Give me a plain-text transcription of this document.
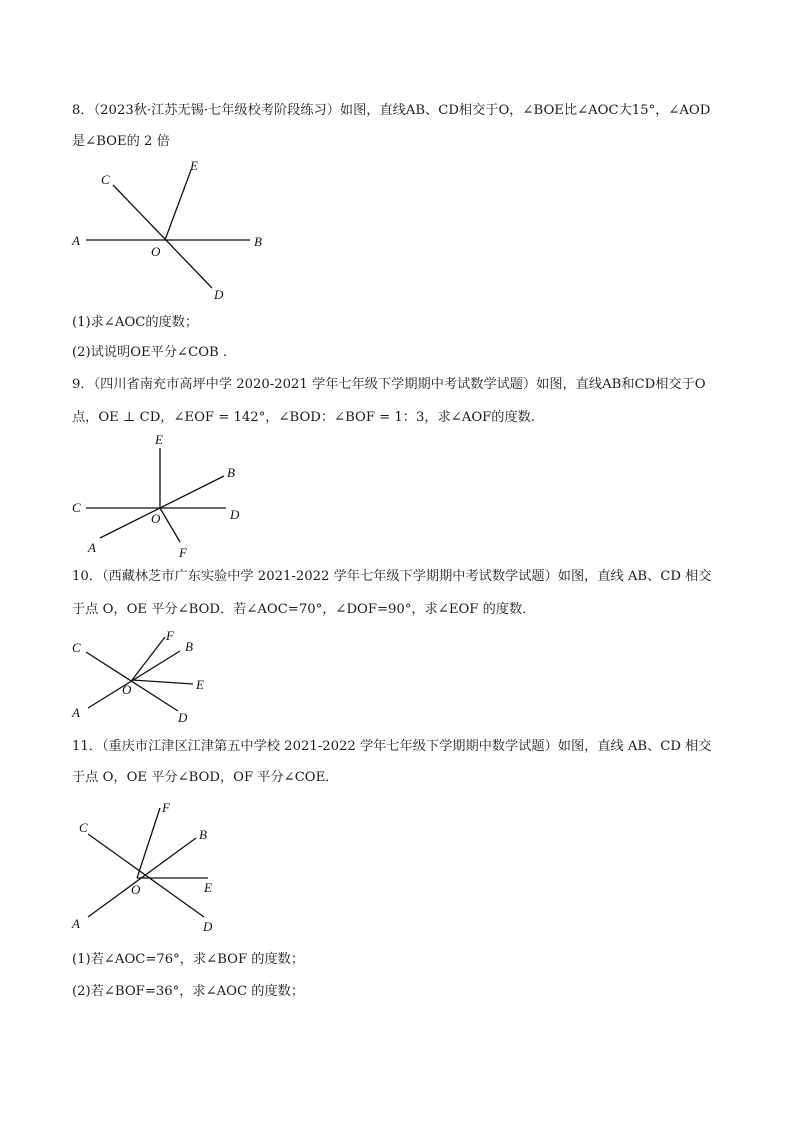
8．（2023秋·江苏无锡·七年级校考阶段练习）如图，直线AB、CD相交于O，∠BOE比∠AOC大15°，∠AOD
是∠BOE的 2 倍
C
E
A
O
B
D
(1)求∠AOC的度数；
(2)试说明OE平分∠COB .
9．（四川省南充市高坪中学 2020-2021 学年七年级下学期期中考试数学试题）如图，直线AB和CD相交于O
点，OE ⊥ CD，∠EOF = 142°，∠BOD：∠BOF = 1：3，求∠AOF的度数.
E
B
C
O	D
A	F
10．（西藏林芝市广东实验中学 2021-2022 学年七年级下学期期中考试数学试题）如图，直线 AB、CD 相交
于点 O，OE 平分∠BOD．若∠AOC=70°，∠DOF=90°，求∠EOF 的度数．
C
F
B
O	E
A	D
11．（重庆市江津区江津第五中学校 2021-2022 学年七年级下学期期中数学试题）如图，直线 AB、CD 相交
于点 O，OE 平分∠BOD，OF 平分∠COE．
C
F
B
O	E
A	D
(1)若∠AOC=76°，求∠BOF 的度数；
(2)若∠BOF=36°，求∠AOC 的度数；
